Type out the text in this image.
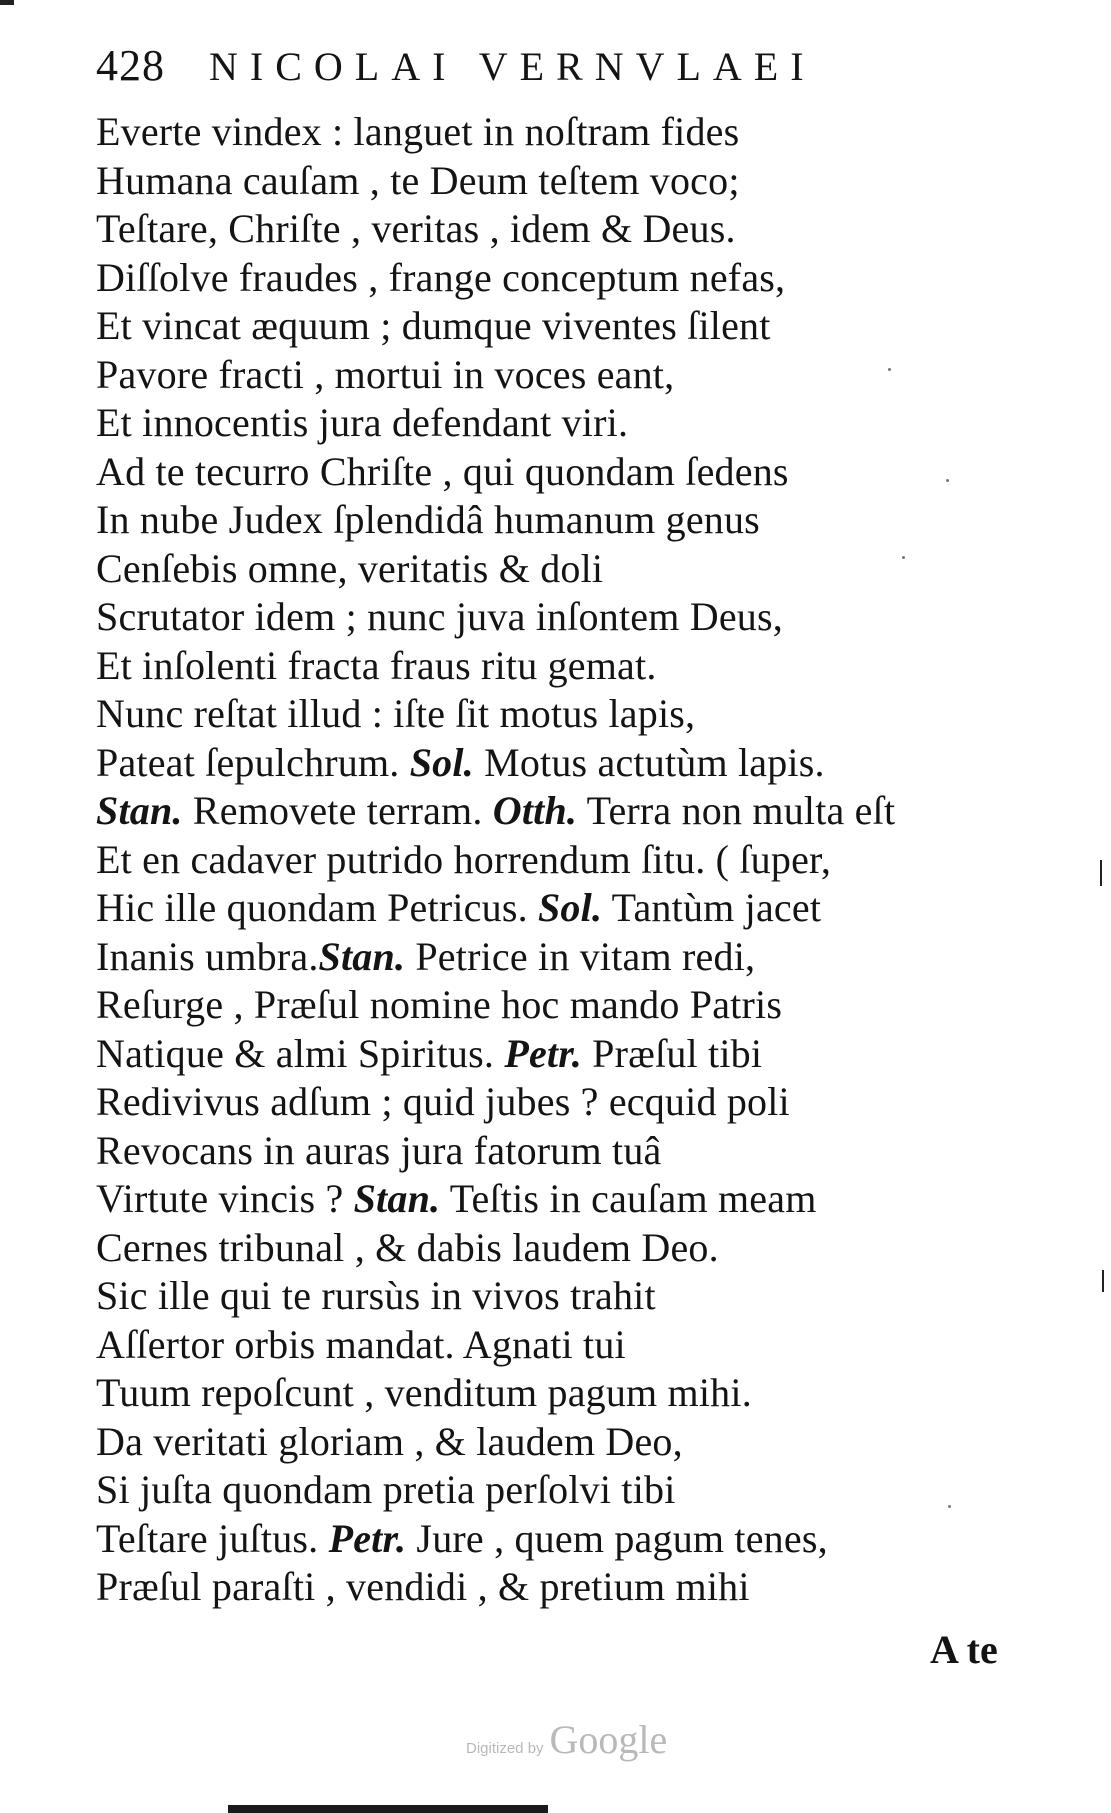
428 NICOLAI VERNVLAEI
Everte vindex : languet in noſtram fides
Humana cauſam , te Deum teſtem voco;
Teſtare, Chriſte , veritas , idem & Deus.
Diſſolve fraudes , frange conceptum nefas,
Et vincat æquum ; dumque viventes ſilent
Pavore fracti , mortui in voces eant,
Et innocentis jura defendant viri.
Ad te tecurro Chriſte , qui quondam ſedens
In nube Judex ſplendidâ humanum genus
Cenſebis omne, veritatis & doli
Scrutator idem ; nunc juva inſontem Deus,
Et inſolenti fracta fraus ritu gemat.
Nunc reſtat illud : iſte ſit motus lapis,
Pateat ſepulchrum. Sol. Motus actutùm lapis.
Stan. Removete terram. Otth. Terra non multa eſt
Et en cadaver putrido horrendum ſitu. ( ſuper,
Hic ille quondam Petricus. Sol. Tantùm jacet
Inanis umbra.Stan. Petrice in vitam redi,
Reſurge , Præſul nomine hoc mando Patris
Natique & almi Spiritus. Petr. Præſul tibi
Redivivus adſum ; quid jubes ? ecquid poli
Revocans in auras jura fatorum tuâ
Virtute vincis ? Stan. Teſtis in cauſam meam
Cernes tribunal , & dabis laudem Deo.
Sic ille qui te rursùs in vivos trahit
Aſſertor orbis mandat. Agnati tui
Tuum repoſcunt , venditum pagum mihi.
Da veritati gloriam , & laudem Deo,
Si juſta quondam pretia perſolvi tibi
Teſtare juſtus. Petr. Jure , quem pagum tenes,
Præſul paraſti , vendidi , & pretium mihi
A te
Digitized by Google
